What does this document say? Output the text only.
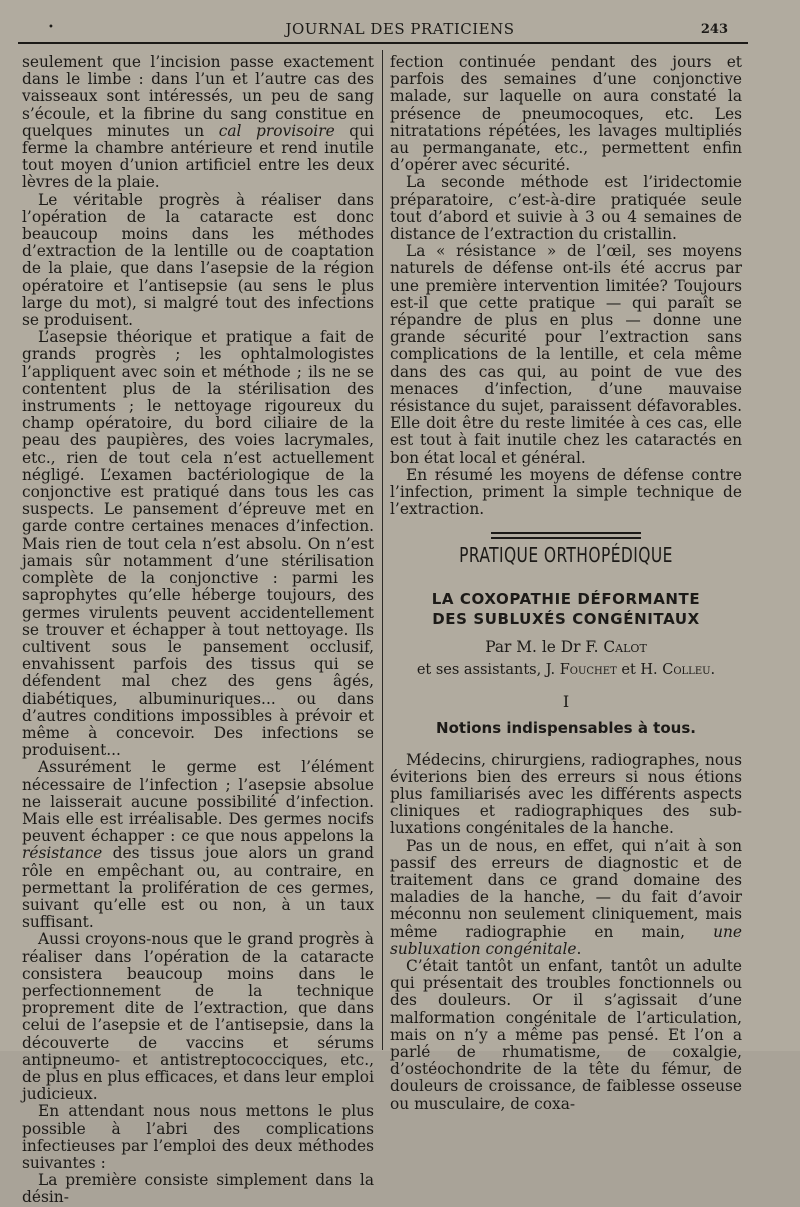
•	JOURNAL DES PRATICIENS	243

seulement que l’incision passe exactement dans le limbe : dans l’un et l’autre cas des vaisseaux sont intéressés, un peu de sang s’écoule, et la fibrine du sang constitue en quelques minutes un cal provisoire qui ferme la chambre antérieure et rend inutile tout moyen d’union artificiel entre les deux lèvres de la plaie.

Le véritable progrès à réaliser dans l’opération de la cataracte est donc beaucoup moins dans les méthodes d’extraction de la lentille ou de coaptation de la plaie, que dans l’asepsie de la région opératoire et l’antisepsie (au sens le plus large du mot), si malgré tout des infections se produisent.

L’asepsie théorique et pratique a fait de grands progrès ; les ophtalmologistes l’appliquent avec soin et méthode ; ils ne se contentent plus de la stérilisation des instruments ; le nettoyage rigoureux du champ opératoire, du bord ciliaire de la peau des paupières, des voies lacrymales, etc., rien de tout cela n’est actuellement négligé. L’examen bactériologique de la conjonctive est pratiqué dans tous les cas suspects. Le pansement d’épreuve met en garde contre certaines menaces d’infection. Mais rien de tout cela n’est absolu. On n’est jamais sûr notamment d’une stérilisation complète de la conjonctive : parmi les saprophytes qu’elle héberge toujours, des germes virulents peuvent accidentellement se trouver et échapper à tout nettoyage. Ils cultivent sous le pansement occlusif, envahissent parfois des tissus qui se défendent mal chez des gens âgés, diabétiques, albuminuriques... ou dans d’autres conditions impossibles à prévoir et même à concevoir. Des infections se produisent...

Assurément le germe est l’élément nécessaire de l’infection ; l’asepsie absolue ne laisserait aucune possibilité d’infection. Mais elle est irréalisable. Des germes nocifs peuvent échapper : ce que nous appelons la résistance des tissus joue alors un grand rôle en empêchant ou, au contraire, en permettant la prolifération de ces germes, suivant qu’elle est ou non, à un taux suffisant.

Aussi croyons-nous que le grand progrès à réaliser dans l’opération de la cataracte consistera beaucoup moins dans le perfectionnement de la technique proprement dite de l’extraction, que dans celui de l’asepsie et de l’antisepsie, dans la découverte de vaccins et sérums antipneumo- et antistreptococciques, etc., de plus en plus efficaces, et dans leur emploi judicieux.

En attendant nous nous mettons le plus possible à l’abri des complications infectieuses par l’emploi des deux méthodes suivantes :

La première consiste simplement dans la désin-

fection continuée pendant des jours et parfois des semaines d’une conjonctive malade, sur laquelle on aura constaté la présence de pneumocoques, etc. Les nitratations répétées, les lavages multipliés au permanganate, etc., permettent enfin d’opérer avec sécurité.

La seconde méthode est l’iridectomie préparatoire, c’est-à-dire pratiquée seule tout d’abord et suivie à 3 ou 4 semaines de distance de l’extraction du cristallin.

La « résistance » de l’œil, ses moyens naturels de défense ont-ils été accrus par une première intervention limitée? Toujours est-il que cette pratique — qui paraît se répandre de plus en plus — donne une grande sécurité pour l’extraction sans complications de la lentille, et cela même dans des cas qui, au point de vue des menaces d’infection, d’une mauvaise résistance du sujet, paraissent défavorables. Elle doit être du reste limitée à ces cas, elle est tout à fait inutile chez les cataractés en bon état local et général.

En résumé les moyens de défense contre l’infection, priment la simple technique de l’extraction.

PRATIQUE ORTHOPÉDIQUE
LA COXOPATHIE DÉFORMANTE
DES SUBLUXÉS CONGÉNITAUX
Par M. le Dr F. Calot
et ses assistants, J. Fouchet et H. Colleu.
I
Notions indispensables à tous.

Médecins, chirurgiens, radiographes, nous éviterions bien des erreurs si nous étions plus familiarisés avec les différents aspects cliniques et radiographiques des sub-luxations congénitales de la hanche.

Pas un de nous, en effet, qui n’ait à son passif des erreurs de diagnostic et de traitement dans ce grand domaine des maladies de la hanche, — du fait d’avoir méconnu non seulement cliniquement, mais même radiographie en main, une subluxation congénitale.

C’était tantôt un enfant, tantôt un adulte qui présentait des troubles fonctionnels ou des douleurs. Or il s’agissait d’une malformation congénitale de l’articulation, mais on n’y a même pas pensé. Et l’on a parlé de rhumatisme, de coxalgie, d’ostéochondrite de la tête du fémur, de douleurs de croissance, de faiblesse osseuse ou musculaire, de coxa-
